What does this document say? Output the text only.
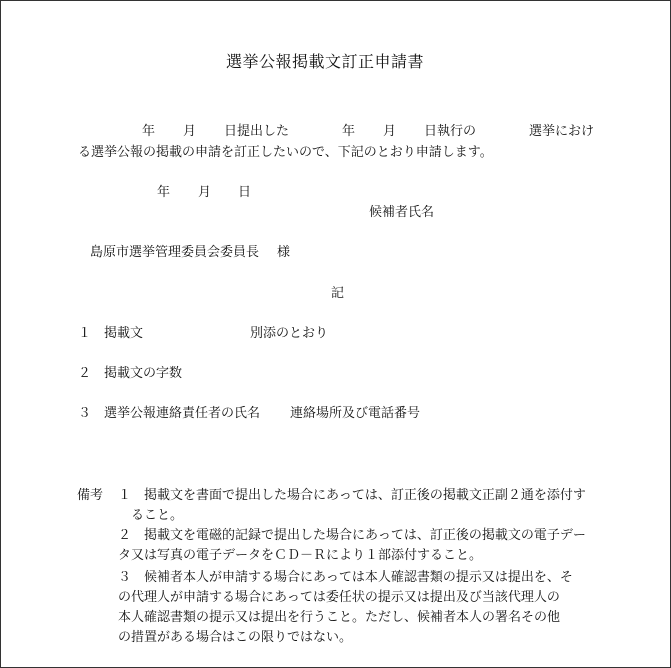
選挙公報掲載文訂正申請書
年 月 日提出した	年 月 日執行の	選挙におけ
る選挙公報の掲載の申請を訂正したいので、下記のとおり申請します。
年 月 日
候補者氏名
島原市選挙管理委員会委員長 様
記
１ 掲載文	別添のとおり
２ 掲載文の字数
３ 選挙公報連絡責任者の氏名 連絡場所及び電話番号
備考 １ 掲載文を書面で提出した場合にあっては、訂正後の掲載文正副２通を添付す
ること。
２ 掲載文を電磁的記録で提出した場合にあっては、訂正後の掲載文の電子デー
タ又は写真の電子データをＣＤ－Ｒにより１部添付すること。
３ 候補者本人が申請する場合にあっては本人確認書類の提示又は提出を、そ
の代理人が申請する場合にあっては委任状の提示又は提出及び当該代理人の
本人確認書類の提示又は提出を行うこと。ただし、候補者本人の署名その他
の措置がある場合はこの限りではない。
